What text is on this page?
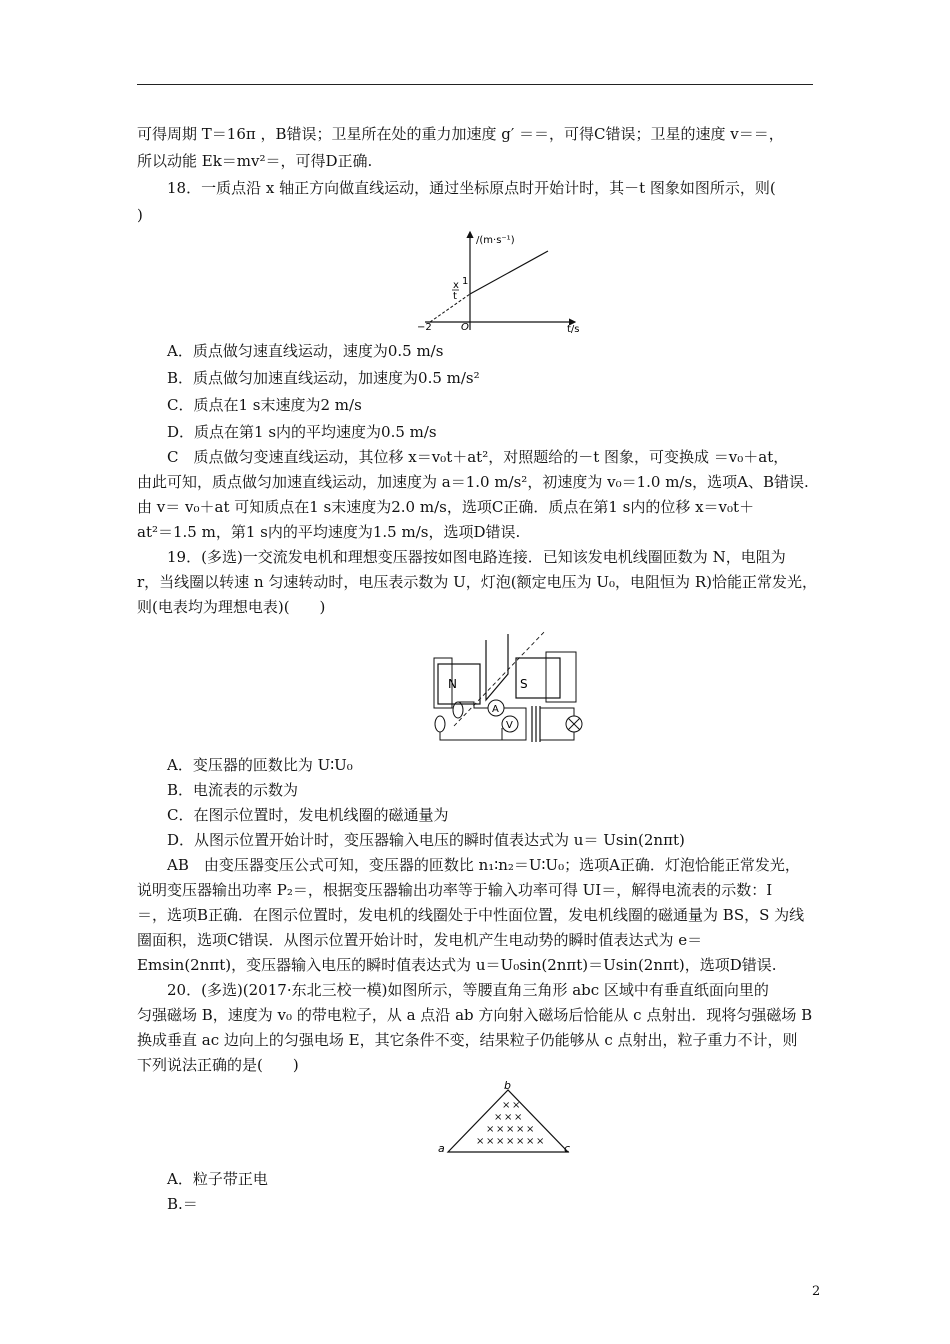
可得周期 T＝16π ，B错误；卫星所在处的重力加速度 g′ ＝＝，可得C错误；卫星的速度 v＝＝，
所以动能 Ek＝mv²＝，可得D正确.
18．一质点沿 x 轴正方向做直线运动，通过坐标原点时开始计时，其－t 图象如图所示，则(
)
x
t
/(m·s⁻¹)
1
−2	O	t/s
A．质点做匀速直线运动，速度为0.5 m/s
B．质点做匀加速直线运动，加速度为0.5 m/s²
C．质点在1 s末速度为2 m/s
D．质点在第1 s内的平均速度为0.5 m/s
C　质点做匀变速直线运动，其位移 x＝v₀t＋at²，对照题给的－t 图象，可变换成 ＝v₀＋at，
由此可知，质点做匀加速直线运动，加速度为 a＝1.0 m/s²，初速度为 v₀＝1.0 m/s，选项A、B错误.
由 v＝ v₀＋at 可知质点在1 s末速度为2.0 m/s，选项C正确．质点在第1 s内的位移 x＝v₀t＋
at²＝1.5 m，第1 s内的平均速度为1.5 m/s，选项D错误.
19．(多选)一交流发电机和理想变压器按如图电路连接．已知该发电机线圈匝数为 N，电阻为
r，当线圈以转速 n 匀速转动时，电压表示数为 U，灯泡(额定电压为 U₀，电阻恒为 R)恰能正常发光，
则(电表均为理想电表)(　　)
N	S
A
V
A．变压器的匝数比为 U∶U₀
B．电流表的示数为
C．在图示位置时，发电机线圈的磁通量为
D．从图示位置开始计时，变压器输入电压的瞬时值表达式为 u＝ Usin(2nπt)
AB　由变压器变压公式可知，变压器的匝数比 n₁∶n₂＝U∶U₀；选项A正确．灯泡恰能正常发光，
说明变压器输出功率 P₂＝，根据变压器输出功率等于输入功率可得 UI＝，解得电流表的示数：I
＝，选项B正确．在图示位置时，发电机的线圈处于中性面位置，发电机线圈的磁通量为 BS，S 为线
圈面积，选项C错误．从图示位置开始计时，发电机产生电动势的瞬时值表达式为 e＝
Emsin(2nπt)，变压器输入电压的瞬时值表达式为 u＝U₀sin(2nπt)＝Usin(2nπt)，选项D错误.
20．(多选)(2017·东北三校一模)如图所示，等腰直角三角形 abc 区域中有垂直纸面向里的
匀强磁场 B，速度为 v₀ 的带电粒子，从 a 点沿 ab 方向射入磁场后恰能从 c 点射出．现将匀强磁场 B
换成垂直 ac 边向上的匀强电场 E，其它条件不变，结果粒子仍能够从 c 点射出，粒子重力不计，则
下列说法正确的是(　　)
b
a	c
× ×
× × ×
× × × × ×
× × × × × × ×
A．粒子带正电
B.＝
2
